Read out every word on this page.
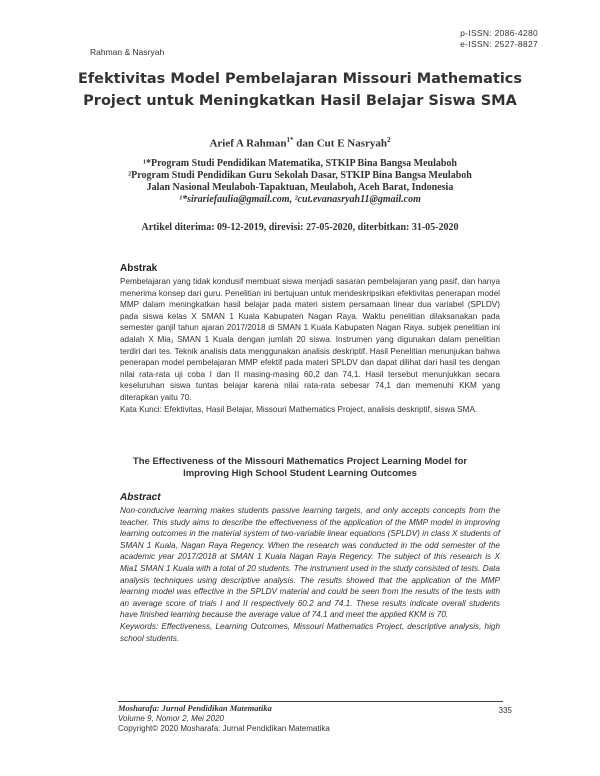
p-ISSN: 2086-4280
e-ISSN: 2527-8827
Rahman & Nasryah
Efektivitas Model Pembelajaran Missouri Mathematics
Project untuk Meningkatkan Hasil Belajar Siswa SMA
Arief A Rahman$^{1*}$ dan Cut E Nasryah$^2$
¹*Program Studi Pendidikan Matematika, STKIP Bina Bangsa Meulaboh
²Program Studi Pendidikan Guru Sekolah Dasar, STKIP Bina Bangsa Meulaboh
Jalan Nasional Meulaboh-Tapaktuan, Meulaboh, Aceh Barat, Indonesia
¹*sirariefaulia@gmail.com, ²cut.evanasryah11@gmail.com
Artikel diterima: 09-12-2019, direvisi: 27-05-2020, diterbitkan: 31-05-2020
Abstrak
Pembelajaran yang tidak kondusif membuat siswa menjadi sasaran pembelajaran yang pasif, dan hanya menerima konsep dari guru. Penelitian ini bertujuan untuk mendeskripsikan efektivitas penerapan model MMP dalam meningkatkan hasil belajar pada materi sistem persamaan linear dua variabel (SPLDV) pada siswa kelas X SMAN 1 Kuala Kabupaten Nagan Raya. Waktu penelitian dilaksanakan pada semester ganjil tahun ajaran 2017/2018 di SMAN 1 Kuala Kabupaten Nagan Raya. subjek penelitian ini adalah X Mia₁ SMAN 1 Kuala dengan jumlah 20 siswa. Instrumen yang digunakan dalam penelitian terdiri dari tes. Teknik analisis data menggunakan analisis deskriptif. Hasil Penelitian menunjukan bahwa penerapan model pembelajaran MMP efektif pada materi SPLDV dan dapat dilihat dari hasil tes dengan nilai rata-rata uji coba I dan II masing-masing 60,2 dan 74,1. Hasil tersebut menunjukkan secara keseluruhan siswa tuntas belajar karena nilai rata-rata sebesar 74,1 dan memenuhi KKM yang diterapkan yaitu 70.
Kata Kunci: Efektivitas, Hasil Belajar, Missouri Mathematics Project, analisis deskriptif, siswa SMA.
The Effectiveness of the Missouri Mathematics Project Learning Model for
Improving High School Student Learning Outcomes
Abstract
Non-conducive learning makes students passive learning targets, and only accepts concepts from the teacher. This study aims to describe the effectiveness of the application of the MMP model in improving learning outcomes in the material system of two-variable linear equations (SPLDV) in class X students of SMAN 1 Kuala, Nagan Raya Regency. When the research was conducted in the odd semester of the academic year 2017/2018 at SMAN 1 Kuala Nagan Raya Regency. The subject of this research is X Mia1 SMAN 1 Kuala with a total of 20 students. The instrument used in the study consisted of tests. Data analysis techniques using descriptive analysis. The results showed that the application of the MMP learning model was effective in the SPLDV material and could be seen from the results of the tests with an average score of trials I and II respectively 60.2 and 74.1. These results indicate overall students have finished learning because the average value of 74.1 and meet the applied KKM is 70.
Keywords: Effectiveness, Learning Outcomes, Missouri Mathematics Project, descriptive analysis, high school students.
Mosharafa: Jurnal Pendidikan Matematika
Volume 9, Nomor 2, Mei 2020
Copyright© 2020 Mosharafa: Jurnal Pendidikan Matematika
335
